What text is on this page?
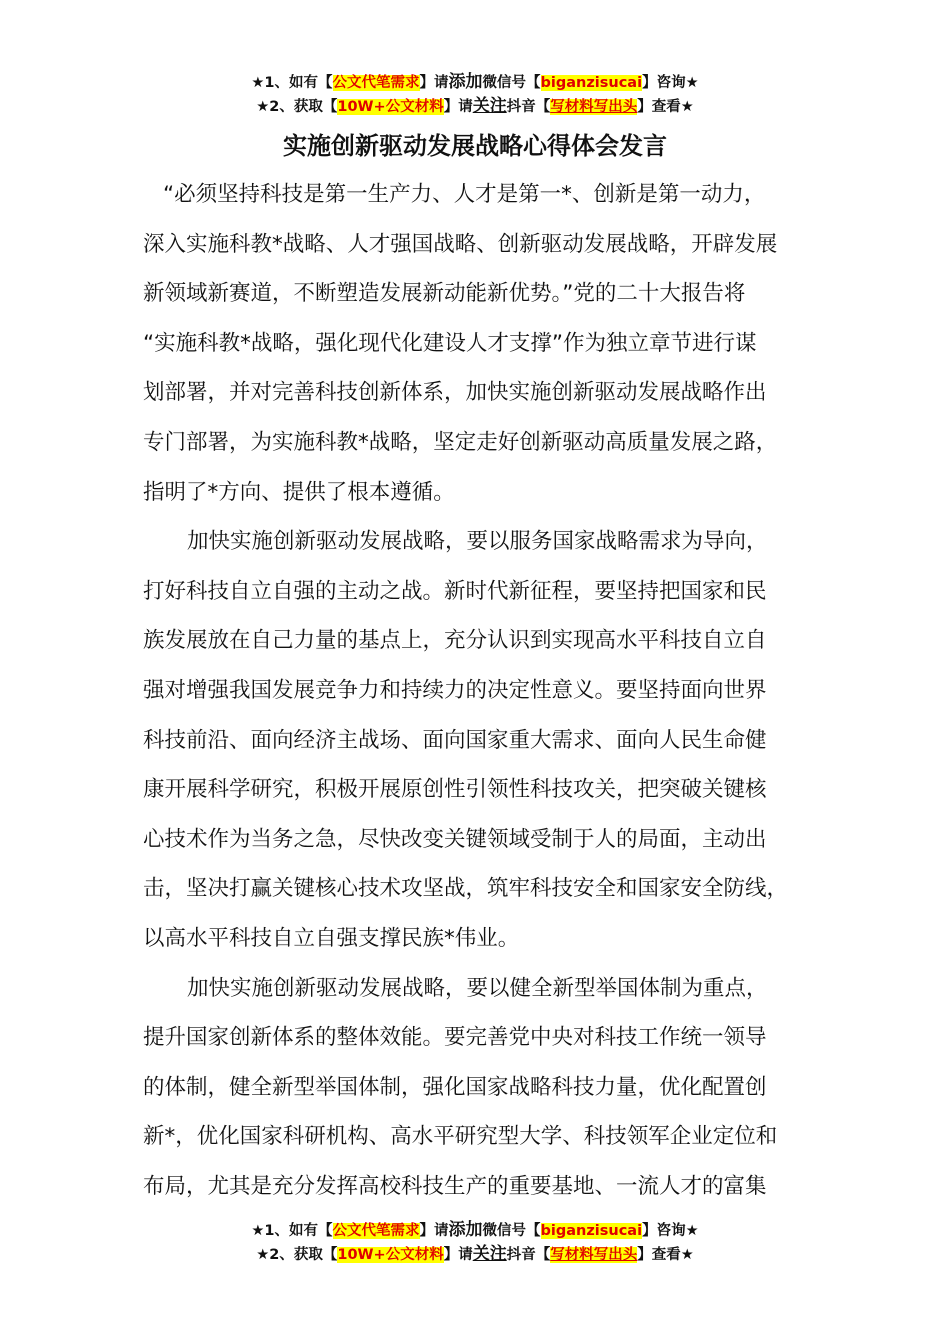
★1、如有【公文代笔需求】请添加微信号【biganzisucai】咨询★
★2、获取【10W+公文材料】请关注抖音【写材料写出头】查看★
实施创新驱动发展战略心得体会发言
“必须坚持科技是第一生产力、人才是第一*、创新是第一动力，
深入实施科教*战略、人才强国战略、创新驱动发展战略，开辟发展
新领域新赛道，不断塑造发展新动能新优势。”党的二十大报告将
“实施科教*战略，强化现代化建设人才支撑”作为独立章节进行谋
划部署，并对完善科技创新体系，加快实施创新驱动发展战略作出
专门部署，为实施科教*战略，坚定走好创新驱动高质量发展之路，
指明了*方向、提供了根本遵循。
加快实施创新驱动发展战略，要以服务国家战略需求为导向，
打好科技自立自强的主动之战。新时代新征程，要坚持把国家和民
族发展放在自己力量的基点上，充分认识到实现高水平科技自立自
强对增强我国发展竞争力和持续力的决定性意义。要坚持面向世界
科技前沿、面向经济主战场、面向国家重大需求、面向人民生命健
康开展科学研究，积极开展原创性引领性科技攻关，把突破关键核
心技术作为当务之急，尽快改变关键领域受制于人的局面，主动出
击，坚决打赢关键核心技术攻坚战，筑牢科技安全和国家安全防线，
以高水平科技自立自强支撑民族*伟业。
加快实施创新驱动发展战略，要以健全新型举国体制为重点，
提升国家创新体系的整体效能。要完善党中央对科技工作统一领导
的体制，健全新型举国体制，强化国家战略科技力量，优化配置创
新*，优化国家科研机构、高水平研究型大学、科技领军企业定位和
布局，尤其是充分发挥高校科技生产的重要基地、一流人才的富集
★1、如有【公文代笔需求】请添加微信号【biganzisucai】咨询★
★2、获取【10W+公文材料】请关注抖音【写材料写出头】查看★
